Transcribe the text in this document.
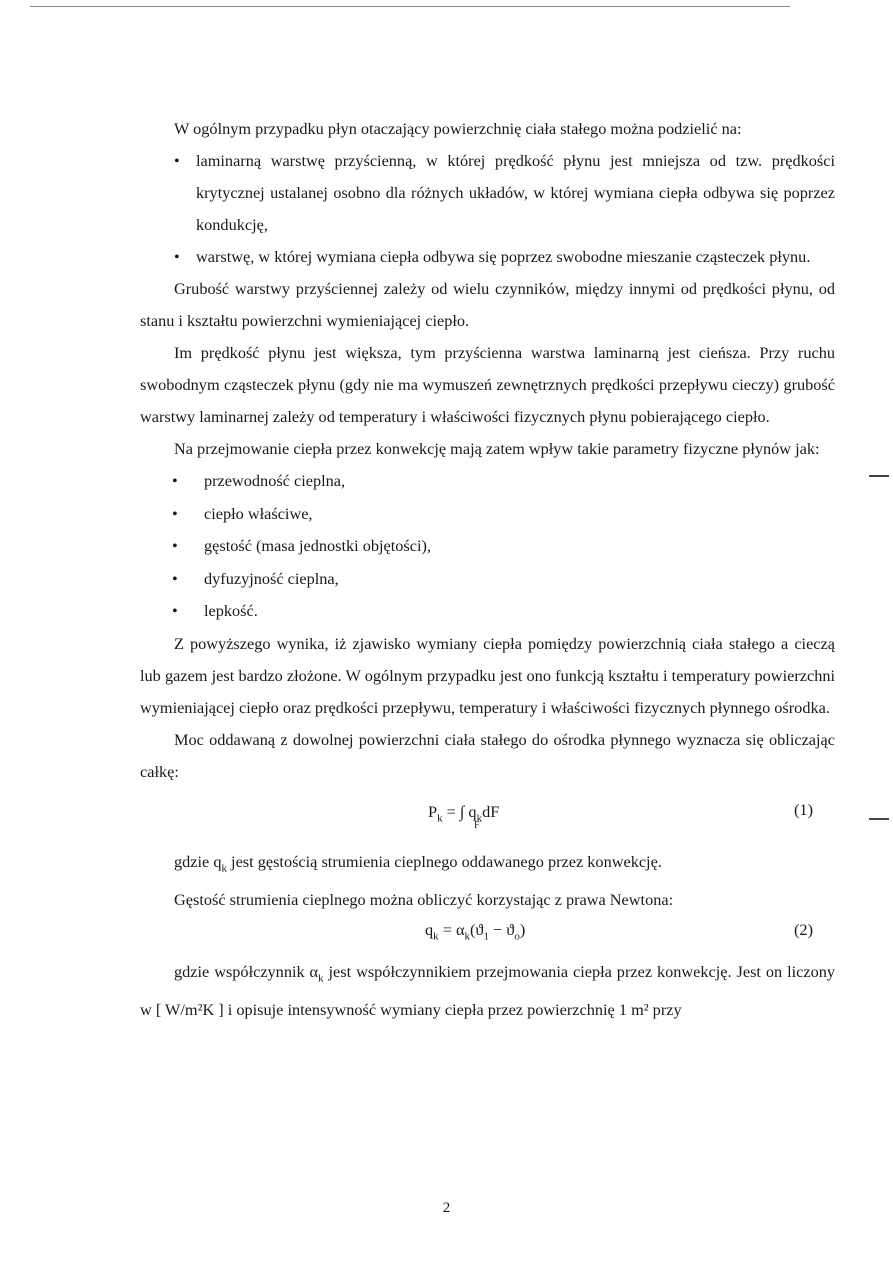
W ogólnym przypadku płyn otaczający powierzchnię ciała stałego można podzielić na:

• laminarną warstwę przyścienną, w której prędkość płynu jest mniejsza od tzw. prędkości krytycznej ustalanej osobno dla różnych układów, w której wymiana ciepła odbywa się poprzez kondukcję,

• warstwę, w której wymiana ciepła odbywa się poprzez swobodne mieszanie cząsteczek płynu.

Grubość warstwy przyściennej zależy od wielu czynników, między innymi od prędkości płynu, od stanu i kształtu powierzchni wymieniającej ciepło.

Im prędkość płynu jest większa, tym przyścienna warstwa laminarną jest cieńsza. Przy ruchu swobodnym cząsteczek płynu (gdy nie ma wymuszeń zewnętrznych prędkości przepływu cieczy) grubość warstwy laminarnej zależy od temperatury i właściwości fizycznych płynu pobierającego ciepło.

Na przejmowanie ciepła przez konwekcję mają zatem wpływ takie parametry fizyczne płynów jak:

• przewodność cieplna,
• ciepło właściwe,
• gęstość (masa jednostki objętości),
• dyfuzyjność cieplna,
• lepkość.

Z powyższego wynika, iż zjawisko wymiany ciepła pomiędzy powierzchnią ciała stałego a cieczą lub gazem jest bardzo złożone. W ogólnym przypadku jest ono funkcją kształtu i temperatury powierzchni wymieniającej ciepło oraz prędkości przepływu, temperatury i właściwości fizycznych płynnego ośrodka.

Moc oddawaną z dowolnej powierzchni ciała stałego do ośrodka płynnego wyznacza się obliczając całkę:

$P_k$ = ∫ $q_kdF$
F
(1)

gdzie $q_k$ jest gęstością strumienia cieplnego oddawanego przez konwekcję.

Gęstość strumienia cieplnego można obliczyć korzystając z prawa Newtona:

$q_k = \alpha_k(ϑ_1 - ϑ_o)$	(2)

gdzie współczynnik $\alpha_k$ jest współczynnikiem przejmowania ciepła przez konwekcję. Jest on liczony w [ W/m²K ] i opisuje intensywność wymiany ciepła przez powierzchnię 1 m² przy

2
